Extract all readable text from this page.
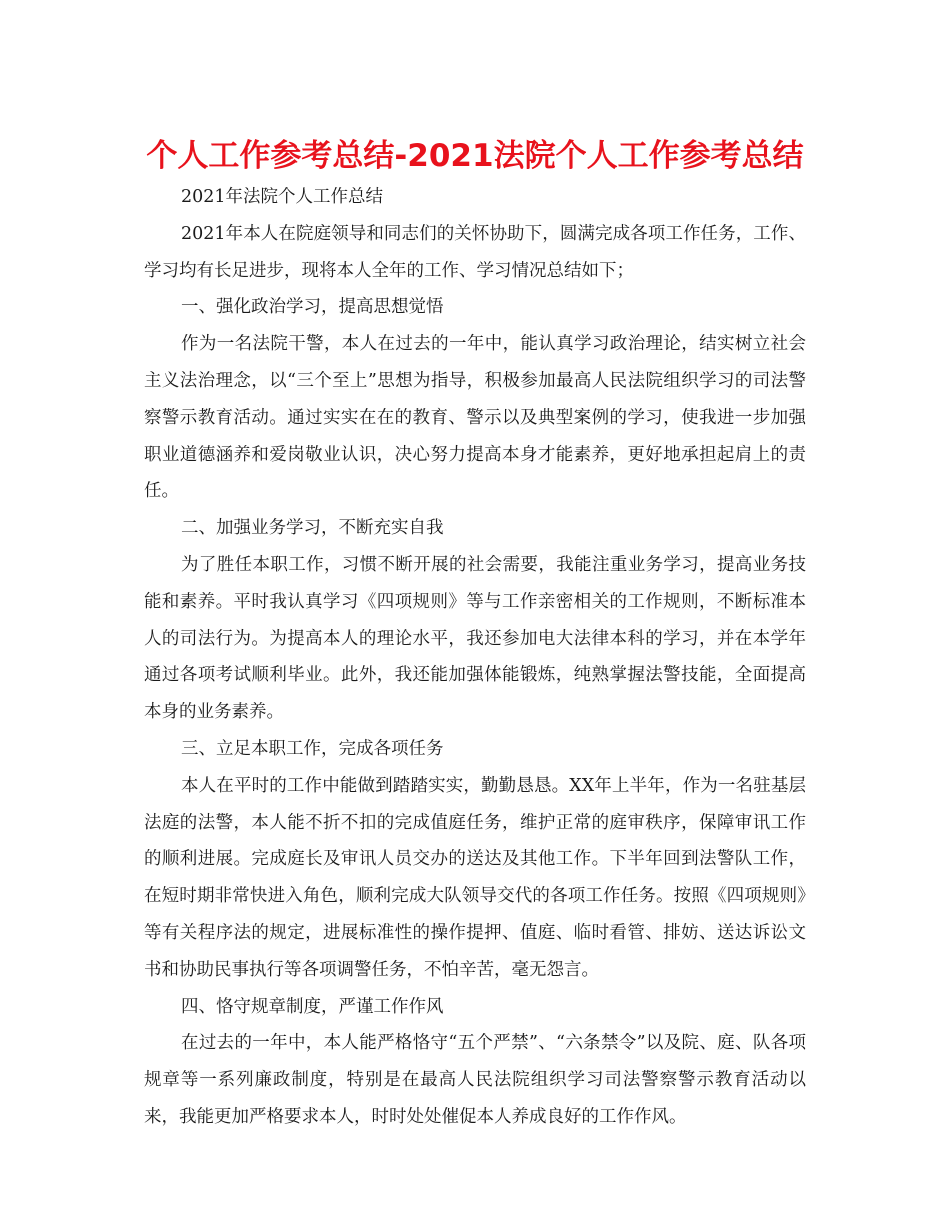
个人工作参考总结-2021法院个人工作参考总结

2021年法院个人工作总结

2021年本人在院庭领导和同志们的关怀协助下，圆满完成各项工作任务，工作、学习均有长足进步，现将本人全年的工作、学习情况总结如下；

一、强化政治学习，提高思想觉悟

作为一名法院干警，本人在过去的一年中，能认真学习政治理论，结实树立社会主义法治理念，以“三个至上”思想为指导，积极参加最高人民法院组织学习的司法警察警示教育活动。通过实实在在的教育、警示以及典型案例的学习，使我进一步加强职业道德涵养和爱岗敬业认识，决心努力提高本身才能素养，更好地承担起肩上的责任。

二、加强业务学习，不断充实自我

为了胜任本职工作，习惯不断开展的社会需要，我能注重业务学习，提高业务技能和素养。平时我认真学习《四项规则》等与工作亲密相关的工作规则，不断标准本人的司法行为。为提高本人的理论水平，我还参加电大法律本科的学习，并在本学年通过各项考试顺利毕业。此外，我还能加强体能锻炼，纯熟掌握法警技能，全面提高本身的业务素养。

三、立足本职工作，完成各项任务

本人在平时的工作中能做到踏踏实实，勤勤恳恳。XX年上半年，作为一名驻基层法庭的法警，本人能不折不扣的完成值庭任务，维护正常的庭审秩序，保障审讯工作的顺利进展。完成庭长及审讯人员交办的送达及其他工作。下半年回到法警队工作，在短时期非常快进入角色，顺利完成大队领导交代的各项工作任务。按照《四项规则》等有关程序法的规定，进展标准性的操作提押、值庭、临时看管、排妨、送达诉讼文书和协助民事执行等各项调警任务，不怕辛苦，毫无怨言。

四、恪守规章制度，严谨工作作风

在过去的一年中，本人能严格恪守“五个严禁”、“六条禁令”以及院、庭、队各项规章等一系列廉政制度，特别是在最高人民法院组织学习司法警察警示教育活动以来，我能更加严格要求本人，时时处处催促本人养成良好的工作作风。
